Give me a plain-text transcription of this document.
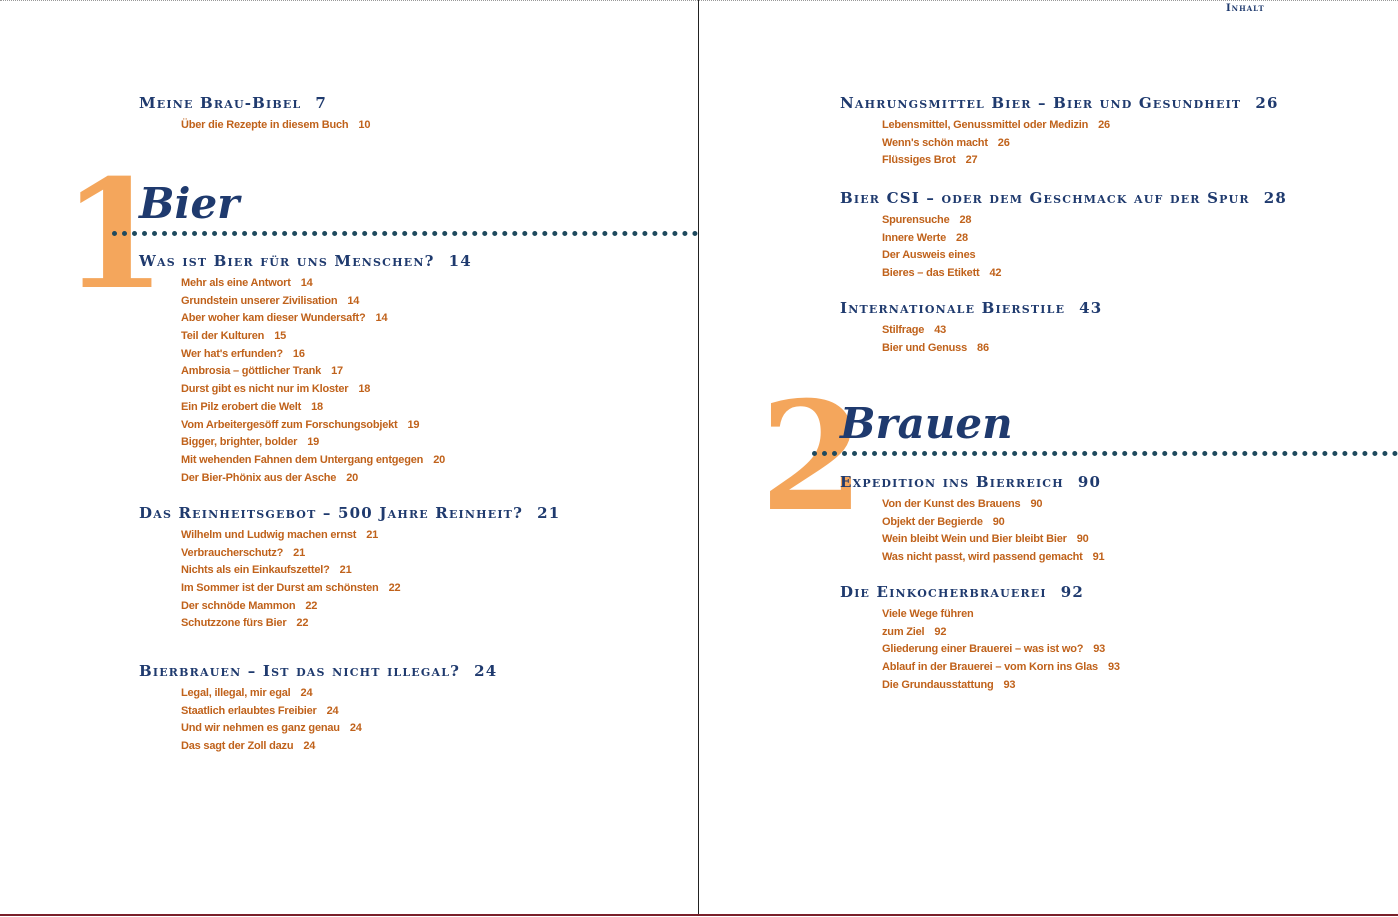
Inhalt
Meine Brau-Bibel 7
Über die Rezepte in diesem Buch 10
1
Bier
Was ist Bier für uns Menschen? 14
Mehr als eine Antwort 14
Grundstein unserer Zivilisation 14
Aber woher kam dieser Wundersaft? 14
Teil der Kulturen 15
Wer hat's erfunden? 16
Ambrosia – göttlicher Trank 17
Durst gibt es nicht nur im Kloster 18
Ein Pilz erobert die Welt 18
Vom Arbeitergesöff zum Forschungsobjekt 19
Bigger, brighter, bolder 19
Mit wehenden Fahnen dem Untergang entgegen 20
Der Bier-Phönix aus der Asche 20
Das Reinheitsgebot – 500 Jahre Reinheit? 21
Wilhelm und Ludwig machen ernst 21
Verbraucherschutz? 21
Nichts als ein Einkaufszettel? 21
Im Sommer ist der Durst am schönsten 22
Der schnöde Mammon 22
Schutzzone fürs Bier 22
Bierbrauen – Ist das nicht illegal? 24
Legal, illegal, mir egal 24
Staatlich erlaubtes Freibier 24
Und wir nehmen es ganz genau 24
Das sagt der Zoll dazu 24
Nahrungsmittel Bier – Bier und Gesundheit 26
Lebensmittel, Genussmittel oder Medizin 26
Wenn's schön macht 26
Flüssiges Brot 27
Bier CSI – oder dem Geschmack auf der Spur 28
Spurensuche 28
Innere Werte 28
Der Ausweis eines
Bieres – das Etikett 42
Internationale Bierstile 43
Stilfrage 43
Bier und Genuss 86
2
Brauen
Expedition ins Bierreich 90
Von der Kunst des Brauens 90
Objekt der Begierde 90
Wein bleibt Wein und Bier bleibt Bier 90
Was nicht passt, wird passend gemacht 91
Die Einkocherbrauerei 92
Viele Wege führen
zum Ziel 92
Gliederung einer Brauerei – was ist wo? 93
Ablauf in der Brauerei – vom Korn ins Glas 93
Die Grundausstattung 93
